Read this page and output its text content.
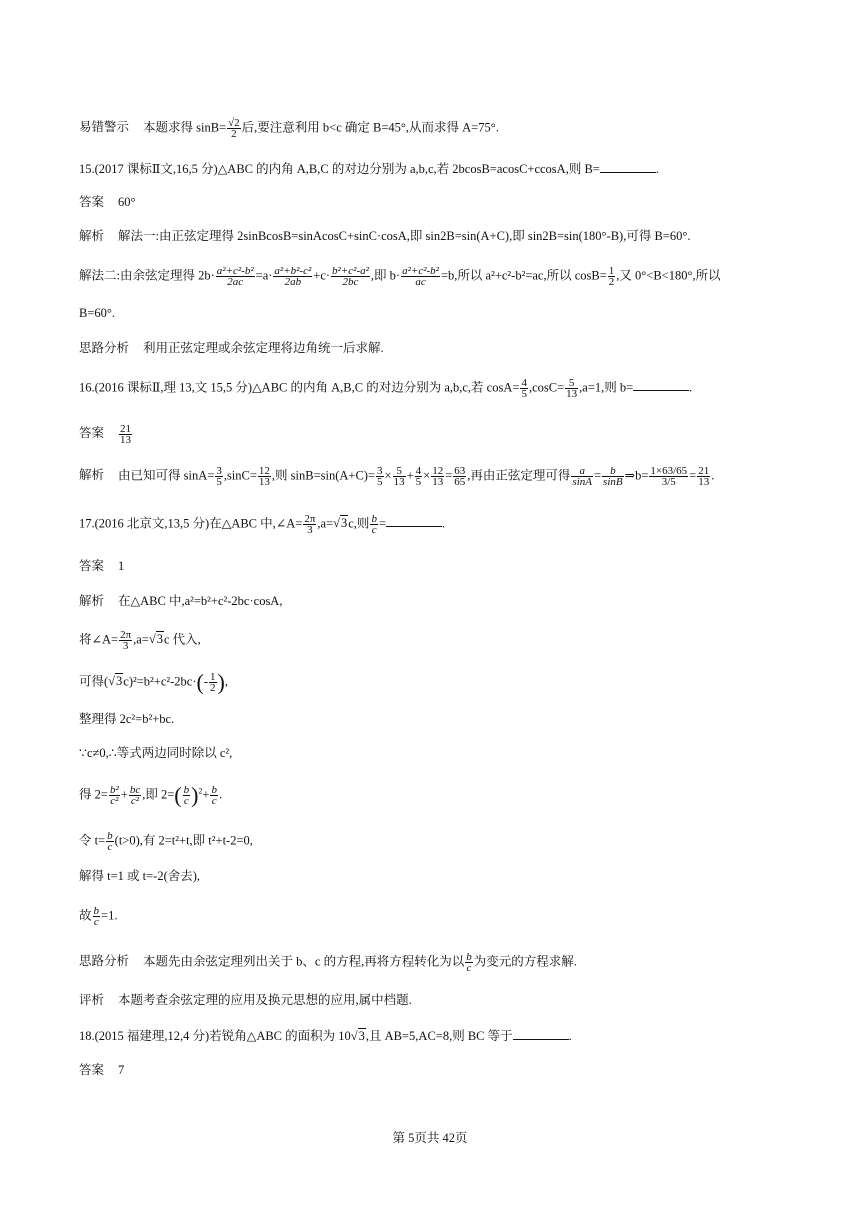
易错警示 本题求得 $\sin B= \frac{√2}{2}$ 后,要注意利用 b<c 确定 B=45°,从而求得 A=75°.
15.(2017 课标Ⅱ文,16,5 分)△ABC 的内角 A,B,C 的对边分别为 a,b,c,若 2bcosB=acosC+ccosA,则 B=	.
答案 60°
解析 解法一:由正弦定理得 2sinBcosB=sinAcosC+sinC·cosA,即 sin2B=sin(A+C),即 sin2B=sin(180°-B),可得 B=60°.
解法二:由余弦定理得 $2b\cdot \frac{\text{a²+c²-b²}}{2ac} =a\cdot \frac{\text{a²+b²-c²}}{2ab} +c\cdot \frac{\text{b²+c²-a²}}{2bc}$ ,即 $b\cdot \frac{\text{a²+c²-b²}}{ac} =b$,所以 a²+c²-b²=ac,所以 $\cos B= \frac{1}{2}$ ,又 0°<B<180°,所以
B=60°.
思路分析 利用正弦定理或余弦定理将边角统一后求解.
16.(2016 课标Ⅱ,理 13,文 15,5 分)△ABC 的内角 A,B,C 的对边分别为 a,b,c,若 $\cos A= \frac{4}{5} ,\cos C= \frac{5}{13} ,a=1$,则 b=	.
答案 $\frac{21}{13}$
解析 由已知可得 $\sin A= \frac{3}{5} ,\sin C= \frac{12}{13}$ ,则 $\sin B=\sin(A+C)= \frac{3}{5} \times \frac{5}{13} + \frac{4}{5} \times \frac{12}{13} = \frac{63}{65}$ ,再由正弦定理可得 $\frac{a}{\sin A} = \frac{b}{\sin B}$ ⇒b= $\frac{1\times 63/65}{3/5} = \frac{21}{13}$ .
17.(2016 北京文,13,5 分)在△ABC 中,∠A= $\frac{2\pi}{3} ,a=√3c$,则 $\frac{b}{c}$ =	.
答案 1
解析 在△ABC 中,a²=b²+c²-2bc·cosA,
将∠A= $\frac{2\pi}{3} ,a=√3c$ 代入,
可得$(√3c)^2=b^2+c^2-2bc\cdot(- \frac{1}{2}$ ),
整理得 2c²=b²+bc.
∵c≠0,∴等式两边同时除以 c²,
得 $2= \frac{\text{b²}}{\text{c²}} + \frac{bc}{\text{c²}}$ ,即 $2=( \frac{b}{c} )^2+ \frac{b}{c}$ .
令 $t= \frac{b}{c} (t>0)$,有 2=t²+t,即 t²+t-2=0,
解得 t=1 或 t=-2(舍去),
故 $\frac{b}{c} =1$.
思路分析 本题先由余弦定理列出关于 b、c 的方程,再将方程转化为以 $\frac{b}{c}$ 为变元的方程求解.
评析 本题考查余弦定理的应用及换元思想的应用,属中档题.
18.(2015 福建理,12,4 分)若锐角△ABC 的面积为 10√3,且 AB=5,AC=8,则 BC 等于	.
答案 7
第 5页共 42页
